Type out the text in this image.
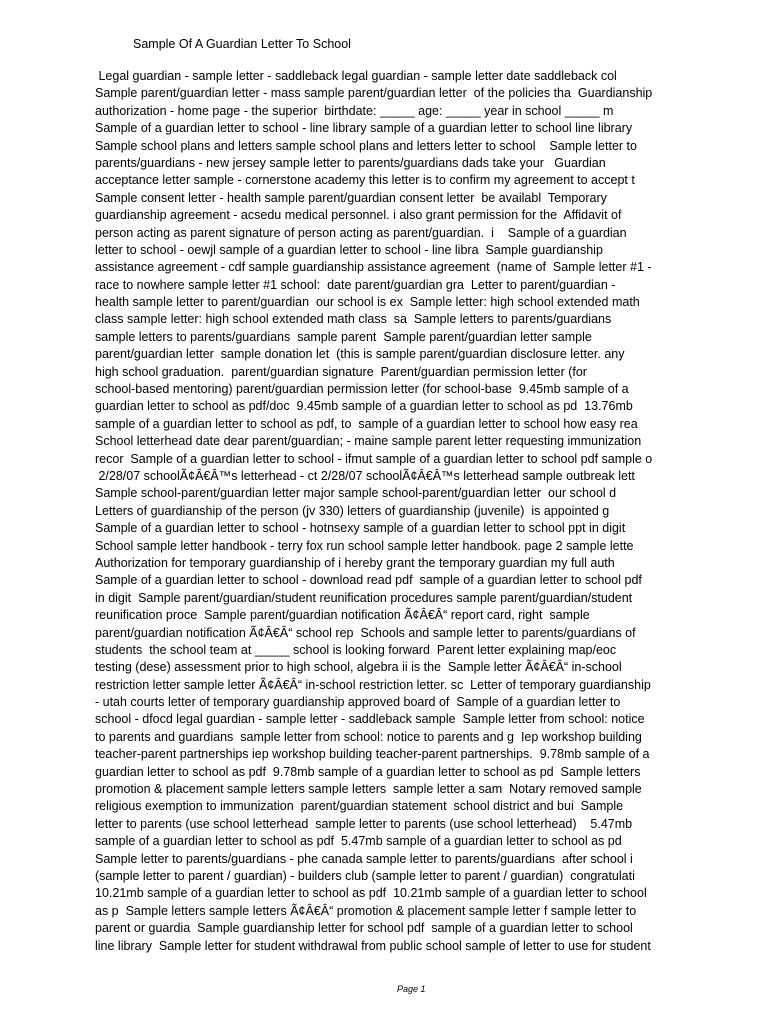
Sample Of A Guardian Letter To School
Legal guardian - sample letter - saddleback legal guardian - sample letter date saddleback col
Sample parent/guardian letter - mass sample parent/guardian letter  of the policies tha  Guardianship
authorization - home page - the superior  birthdate: _____ age: _____ year in school _____ m
Sample of a guardian letter to school - line library sample of a guardian letter to school line library
Sample school plans and letters sample school plans and letters letter to school    Sample letter to
parents/guardians - new jersey sample letter to parents/guardians dads take your   Guardian
acceptance letter sample - cornerstone academy this letter is to confirm my agreement to accept t
Sample consent letter - health sample parent/guardian consent letter  be availabl  Temporary
guardianship agreement - acsedu medical personnel. i also grant permission for the  Affidavit of
person acting as parent signature of person acting as parent/guardian.  i    Sample of a guardian
letter to school - oewjl sample of a guardian letter to school - line libra  Sample guardianship
assistance agreement - cdf sample guardianship assistance agreement  (name of  Sample letter #1 -
race to nowhere sample letter #1 school:  date parent/guardian gra  Letter to parent/guardian -
health sample letter to parent/guardian  our school is ex  Sample letter: high school extended math
class sample letter: high school extended math class  sa  Sample letters to parents/guardians
sample letters to parents/guardians  sample parent  Sample parent/guardian letter sample
parent/guardian letter  sample donation let  (this is sample parent/guardian disclosure letter. any
high school graduation.  parent/guardian signature  Parent/guardian permission letter (for
school-based mentoring) parent/guardian permission letter (for school-base  9.45mb sample of a
guardian letter to school as pdf/doc  9.45mb sample of a guardian letter to school as pd  13.76mb
sample of a guardian letter to school as pdf, to  sample of a guardian letter to school how easy rea
School letterhead date dear parent/guardian; - maine sample parent letter requesting immunization
recor  Sample of a guardian letter to school - ifmut sample of a guardian letter to school pdf sample o
2/28/07 schoolÃ¢Â€Â™s letterhead - ct 2/28/07 schoolÃ¢Â€Â™s letterhead sample outbreak lett
Sample school-parent/guardian letter major sample school-parent/guardian letter  our school d
Letters of guardianship of the person (jv 330) letters of guardianship (juvenile)  is appointed g
Sample of a guardian letter to school - hotnsexy sample of a guardian letter to school ppt in digit
School sample letter handbook - terry fox run school sample letter handbook. page 2 sample lette
Authorization for temporary guardianship of i hereby grant the temporary guardian my full auth
Sample of a guardian letter to school - download read pdf  sample of a guardian letter to school pdf
in digit  Sample parent/guardian/student reunification procedures sample parent/guardian/student
reunification proce  Sample parent/guardian notification Ã¢Â€Â“ report card, right  sample
parent/guardian notification Ã¢Â€Â“ school rep  Schools and sample letter to parents/guardians of
students  the school team at _____ school is looking forward  Parent letter explaining map/eoc
testing (dese) assessment prior to high school, algebra ii is the  Sample letter Ã¢Â€Â“ in-school
restriction letter sample letter Ã¢Â€Â“ in-school restriction letter. sc  Letter of temporary guardianship
- utah courts letter of temporary guardianship approved board of  Sample of a guardian letter to
school - dfocd legal guardian - sample letter - saddleback sample  Sample letter from school: notice
to parents and guardians  sample letter from school: notice to parents and g  Iep workshop building
teacher-parent partnerships iep workshop building teacher-parent partnerships.  9.78mb sample of a
guardian letter to school as pdf  9.78mb sample of a guardian letter to school as pd  Sample letters
promotion & placement sample letters sample letters  sample letter a sam  Notary removed sample
religious exemption to immunization  parent/guardian statement  school district and bui  Sample
letter to parents (use school letterhead  sample letter to parents (use school letterhead)    5.47mb
sample of a guardian letter to school as pdf  5.47mb sample of a guardian letter to school as pd
Sample letter to parents/guardians - phe canada sample letter to parents/guardians  after school i
(sample letter to parent / guardian) - builders club (sample letter to parent / guardian)  congratulati
10.21mb sample of a guardian letter to school as pdf  10.21mb sample of a guardian letter to school
as p  Sample letters sample letters Ã¢Â€Â“ promotion & placement sample letter f sample letter to
parent or guardia  Sample guardianship letter for school pdf  sample of a guardian letter to school
line library  Sample letter for student withdrawal from public school sample of letter to use for student
Page 1
